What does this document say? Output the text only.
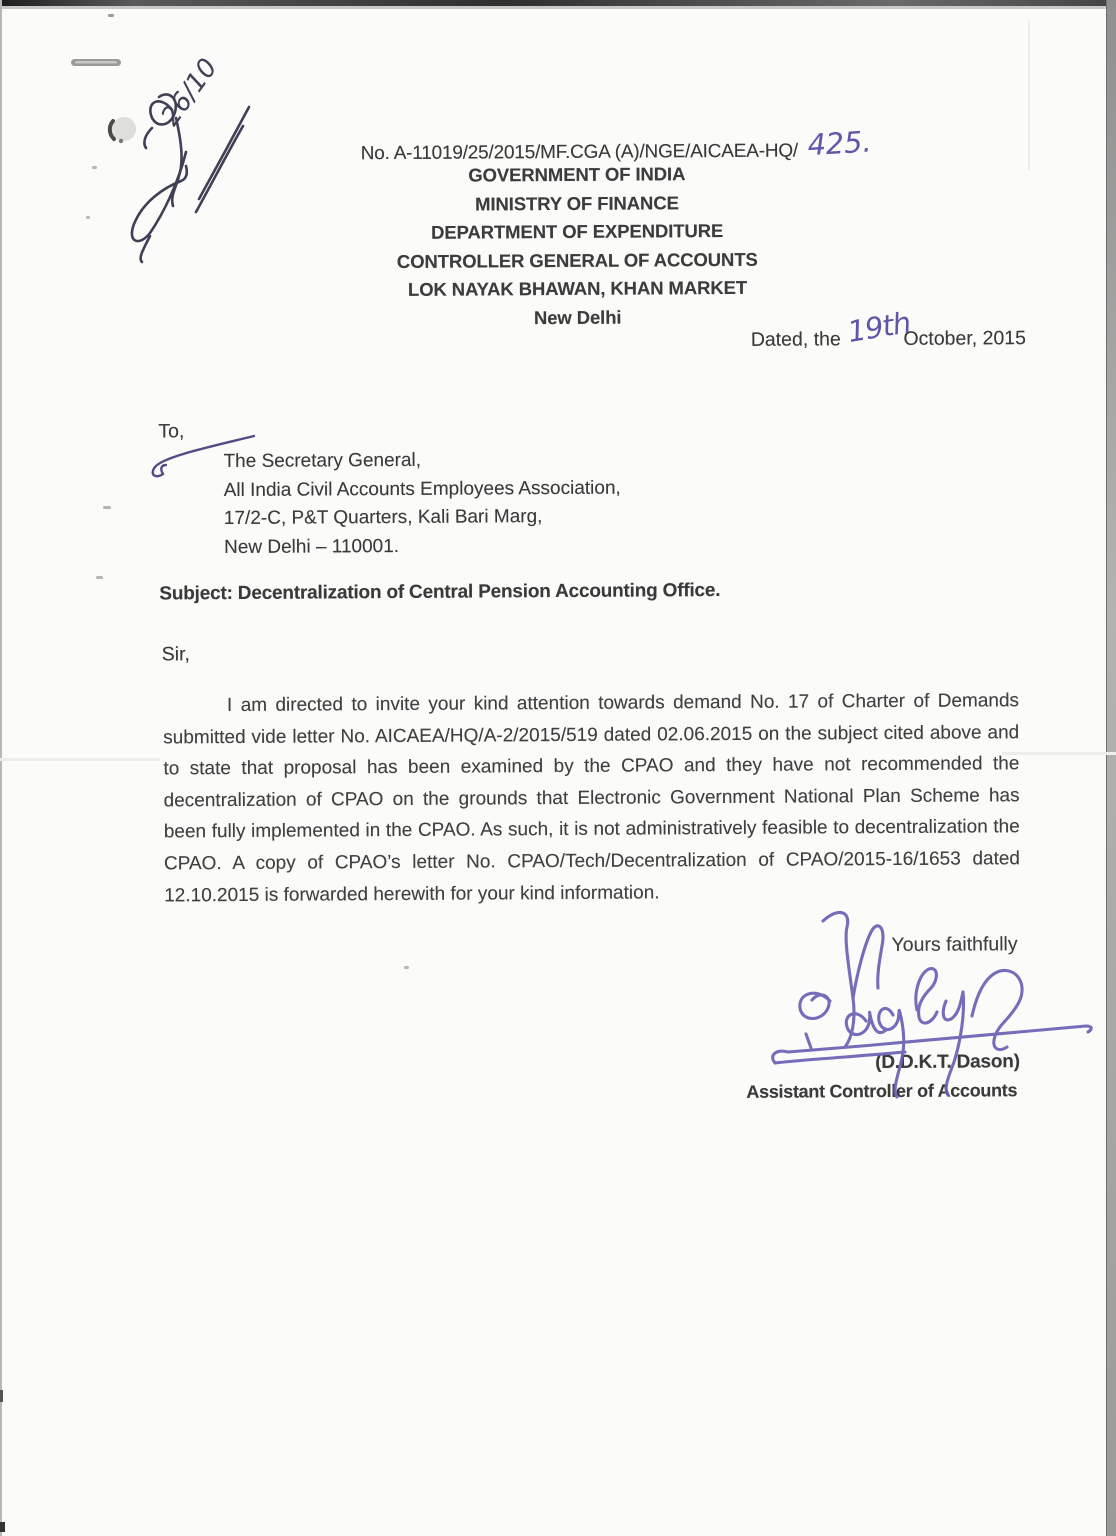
No. A-11019/25/2015/MF.CGA (A)/NGE/AICAEA-HQ/ 425.
GOVERNMENT OF INDIA
MINISTRY OF FINANCE
DEPARTMENT OF EXPENDITURE
CONTROLLER GENERAL OF ACCOUNTS
LOK NAYAK BHAWAN, KHAN MARKET
New Delhi
Dated, the 19thOctober, 2015
To,
The Secretary General,
All India Civil Accounts Employees Association,
17/2-C, P&T Quarters, Kali Bari Marg,
New Delhi – 110001.
Subject: Decentralization of Central Pension Accounting Office.
Sir,

I am directed to invite your kind attention towards demand No. 17 of Charter of Demands submitted vide letter No. AICAEA/HQ/A-2/2015/519 dated 02.06.2015 on the subject cited above and to state that proposal has been examined by the CPAO and they have not recommended the decentralization of CPAO on the grounds that Electronic Government National Plan Scheme has been fully implemented in the CPAO. As such, it is not administratively feasible to decentralization the CPAO. A copy of CPAO’s letter No. CPAO/Tech/Decentralization of CPAO/2015-16/1653 dated 12.10.2015 is forwarded herewith for your kind information.

Yours faithfully
(D.D.K.T. Dason)
Assistant Controller of Accounts
26/10
